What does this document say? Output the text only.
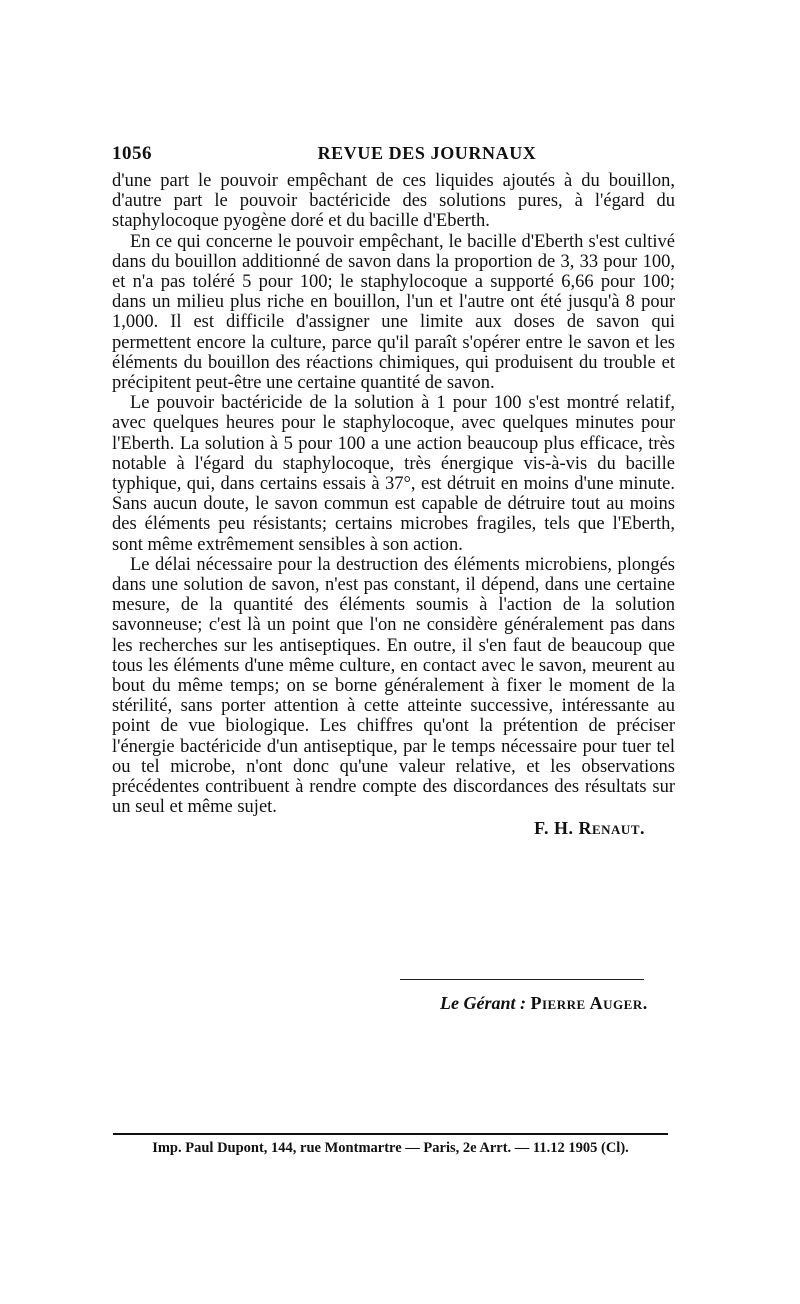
1056	REVUE DES JOURNAUX

d'une part le pouvoir empêchant de ces liquides ajoutés à du bouillon, d'autre part le pouvoir bactéricide des solutions pures, à l'égard du staphylocoque pyogène doré et du bacille d'Eberth.

En ce qui concerne le pouvoir empêchant, le bacille d'Eberth s'est cultivé dans du bouillon additionné de savon dans la proportion de 3, 33 pour 100, et n'a pas toléré 5 pour 100; le staphylocoque a supporté 6,66 pour 100; dans un milieu plus riche en bouillon, l'un et l'autre ont été jusqu'à 8 pour 1,000. Il est difficile d'assigner une limite aux doses de savon qui permettent encore la culture, parce qu'il paraît s'opérer entre le savon et les éléments du bouillon des réactions chimiques, qui produisent du trouble et précipitent peut-être une certaine quantité de savon.

Le pouvoir bactéricide de la solution à 1 pour 100 s'est montré relatif, avec quelques heures pour le staphylocoque, avec quelques minutes pour l'Eberth. La solution à 5 pour 100 a une action beaucoup plus efficace, très notable à l'égard du staphylocoque, très énergique vis-à-vis du bacille typhique, qui, dans certains essais à 37°, est détruit en moins d'une minute. Sans aucun doute, le savon commun est capable de détruire tout au moins des éléments peu résistants; certains microbes fragiles, tels que l'Eberth, sont même extrêmement sensibles à son action.

Le délai nécessaire pour la destruction des éléments microbiens, plongés dans une solution de savon, n'est pas constant, il dépend, dans une certaine mesure, de la quantité des éléments soumis à l'action de la solution savonneuse; c'est là un point que l'on ne considère généralement pas dans les recherches sur les antiseptiques. En outre, il s'en faut de beaucoup que tous les éléments d'une même culture, en contact avec le savon, meurent au bout du même temps; on se borne généralement à fixer le moment de la stérilité, sans porter attention à cette atteinte successive, intéressante au point de vue biologique. Les chiffres qu'ont la prétention de préciser l'énergie bactéricide d'un antiseptique, par le temps nécessaire pour tuer tel ou tel microbe, n'ont donc qu'une valeur relative, et les observations précédentes contribuent à rendre compte des discordances des résultats sur un seul et même sujet.

F. H. Renaut.

Le Gérant : Pierre Auger.
Imp. Paul Dupont, 144, rue Montmartre — Paris, 2e Arrt. — 11.12 1905 (Cl).
